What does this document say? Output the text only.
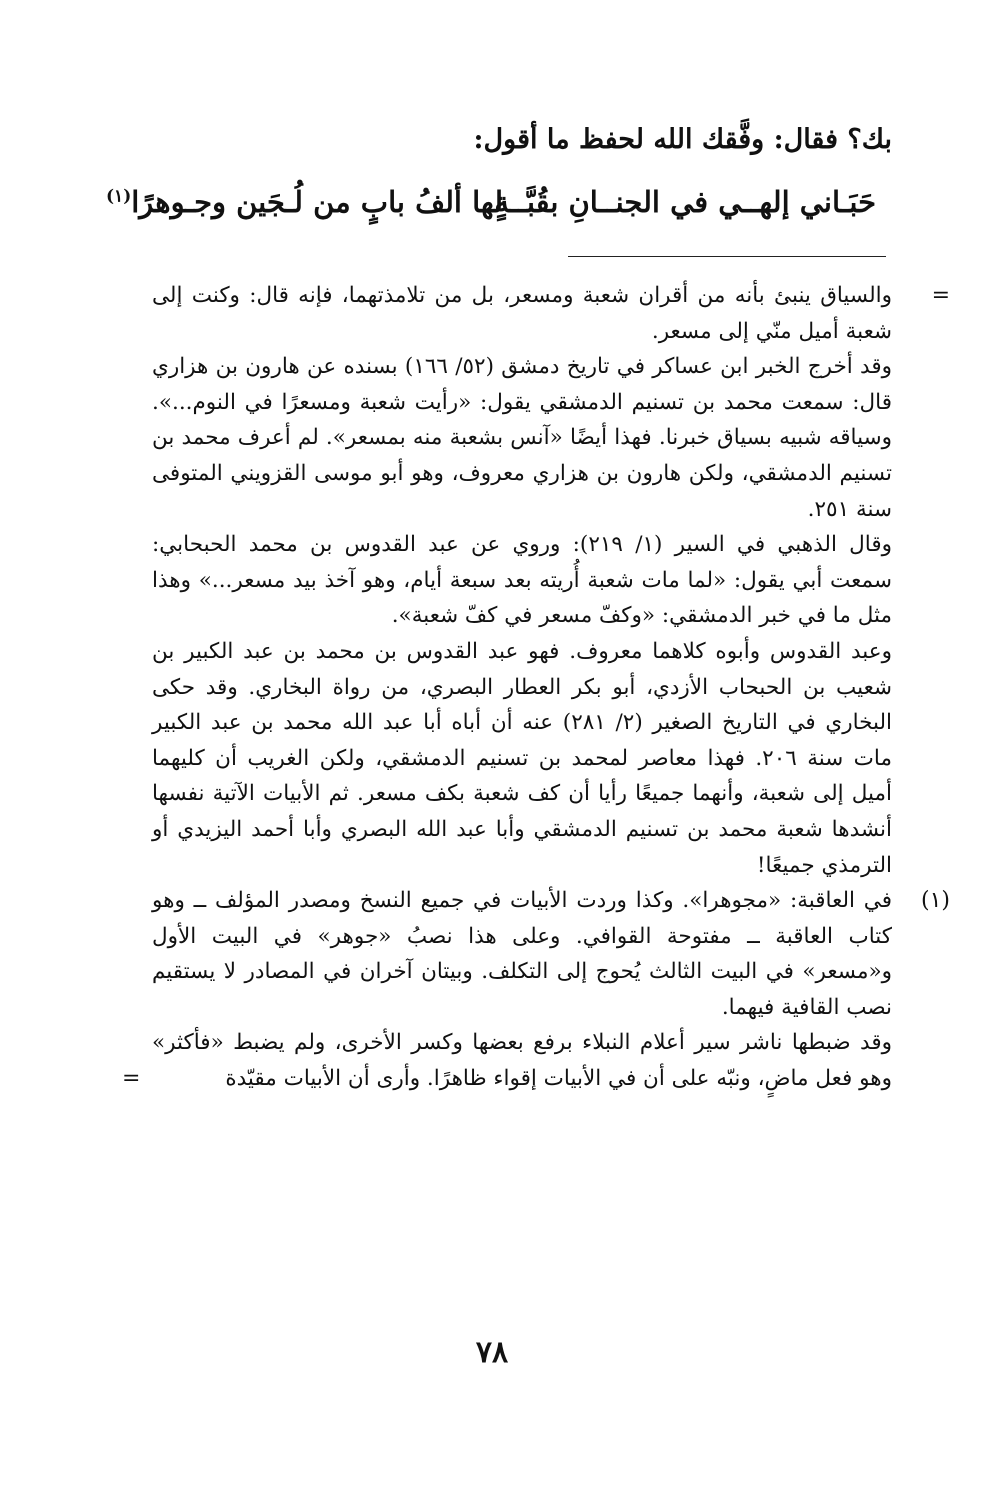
بك؟ فقال: وفَّقك الله لحفظ ما أقول:
حَبَـاني إلهــي في الجنــانِ بقُبَّــةٍ
لها ألفُ بابٍ من لُـجَين وجـوهرًا$^{(١)}$

=
والسياق ينبئ بأنه من أقران شعبة ومسعر، بل من تلامذتهما، فإنه قال: وكنت إلى شعبة أميل منّي إلى مسعر.

وقد أخرج الخبر ابن عساكر في تاريخ دمشق (٥٢/ ١٦٦) بسنده عن هارون بن هزاري قال: سمعت محمد بن تسنيم الدمشقي يقول: «رأيت شعبة ومسعرًا في النوم...». وسياقه شبيه بسياق خبرنا. فهذا أيضًا «آنس بشعبة منه بمسعر». لم أعرف محمد بن تسنيم الدمشقي، ولكن هارون بن هزاري معروف، وهو أبو موسى القزويني المتوفى سنة ٢٥١.

وقال الذهبي في السير (١/ ٢١٩): وروي عن عبد القدوس بن محمد الحبحابي: سمعت أبي يقول: «لما مات شعبة أُريته بعد سبعة أيام، وهو آخذ بيد مسعر...» وهذا مثل ما في خبر الدمشقي: «وكفّ مسعر في كفّ شعبة».

وعبد القدوس وأبوه كلاهما معروف. فهو عبد القدوس بن محمد بن عبد الكبير بن شعيب بن الحبحاب الأزدي، أبو بكر العطار البصري، من رواة البخاري. وقد حكى البخاري في التاريخ الصغير (٢/ ٢٨١) عنه أن أباه أبا عبد الله محمد بن عبد الكبير مات سنة ٢٠٦. فهذا معاصر لمحمد بن تسنيم الدمشقي، ولكن الغريب أن كليهما أميل إلى شعبة، وأنهما جميعًا رأيا أن كف شعبة بكف مسعر. ثم الأبيات الآتية نفسها أنشدها شعبة محمد بن تسنيم الدمشقي وأبا عبد الله البصري وأبا أحمد اليزيدي أو الترمذي جميعًا!

(١)
في العاقبة: «مجوهرا». وكذا وردت الأبيات في جميع النسخ ومصدر المؤلف ــ وهو كتاب العاقبة ــ مفتوحة القوافي. وعلى هذا نصبُ «جوهر» في البيت الأول و«مسعر» في البيت الثالث يُحوج إلى التكلف. وبيتان آخران في المصادر لا يستقيم نصب القافية فيهما.

وقد ضبطها ناشر سير أعلام النبلاء برفع بعضها وكسر الأخرى، ولم يضبط «فأكثر» وهو فعل ماضٍ، ونبّه على أن في الأبيات إقواء ظاهرًا. وأرى أن الأبيات مقيّدة
=

٧٨
